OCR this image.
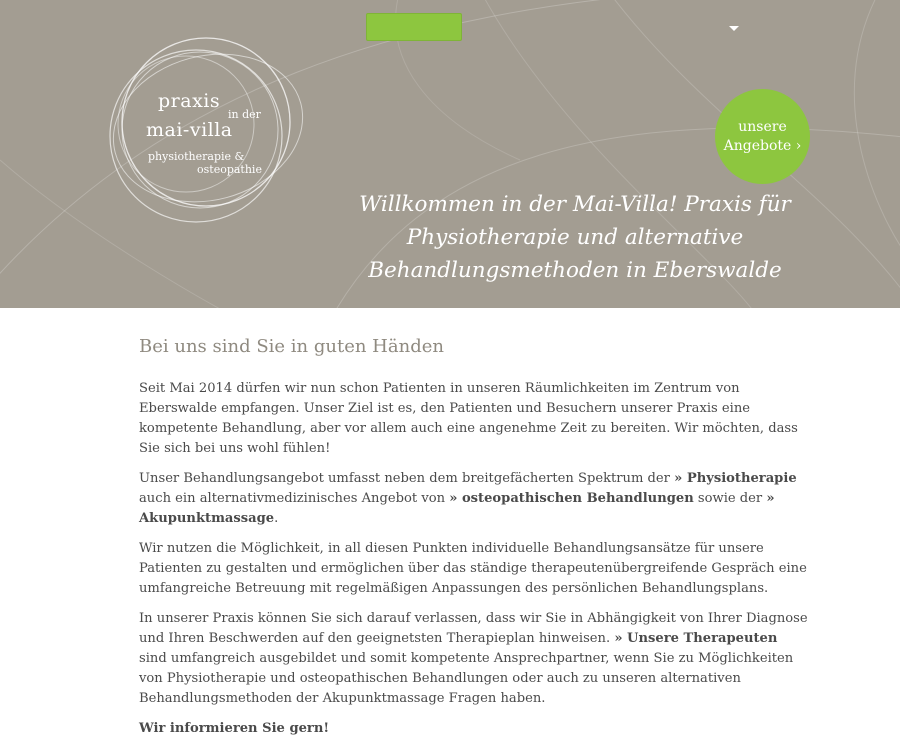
praxis
in der
mai-villa
physiotherapie &
osteopathie
unsere
Angebote ›
Willkommen in der Mai-Villa! Praxis für Physiotherapie und alternative Behandlungsmethoden in Eberswalde
Bei uns sind Sie in guten Händen

Seit Mai 2014 dürfen wir nun schon Patienten in unseren Räumlichkeiten im Zentrum von Eberswalde empfangen. Unser Ziel ist es, den Patienten und Besuchern unserer Praxis eine kompetente Behandlung, aber vor allem auch eine angenehme Zeit zu bereiten. Wir möchten, dass Sie sich bei uns wohl fühlen!

Unser Behandlungsangebot umfasst neben dem breitgefächerten Spektrum der » Physiotherapie auch ein alternativmedizinisches Angebot von » osteopathischen Behandlungen sowie der » Akupunktmassage.

Wir nutzen die Möglichkeit, in all diesen Punkten individuelle Behandlungsansätze für unsere Patienten zu gestalten und ermöglichen über das ständige therapeutenübergreifende Gespräch eine umfangreiche Betreuung mit regelmäßigen Anpassungen des persönlichen Behandlungsplans.

In unserer Praxis können Sie sich darauf verlassen, dass wir Sie in Abhängigkeit von Ihrer Diagnose und Ihren Beschwerden auf den geeignetsten Therapieplan hinweisen. » Unsere Therapeuten sind umfangreich ausgebildet und somit kompetente Ansprechpartner, wenn Sie zu Möglichkeiten von Physiotherapie und osteopathischen Behandlungen oder auch zu unseren alternativen Behandlungsmethoden der Akupunktmassage Fragen haben.

Wir informieren Sie gern!
